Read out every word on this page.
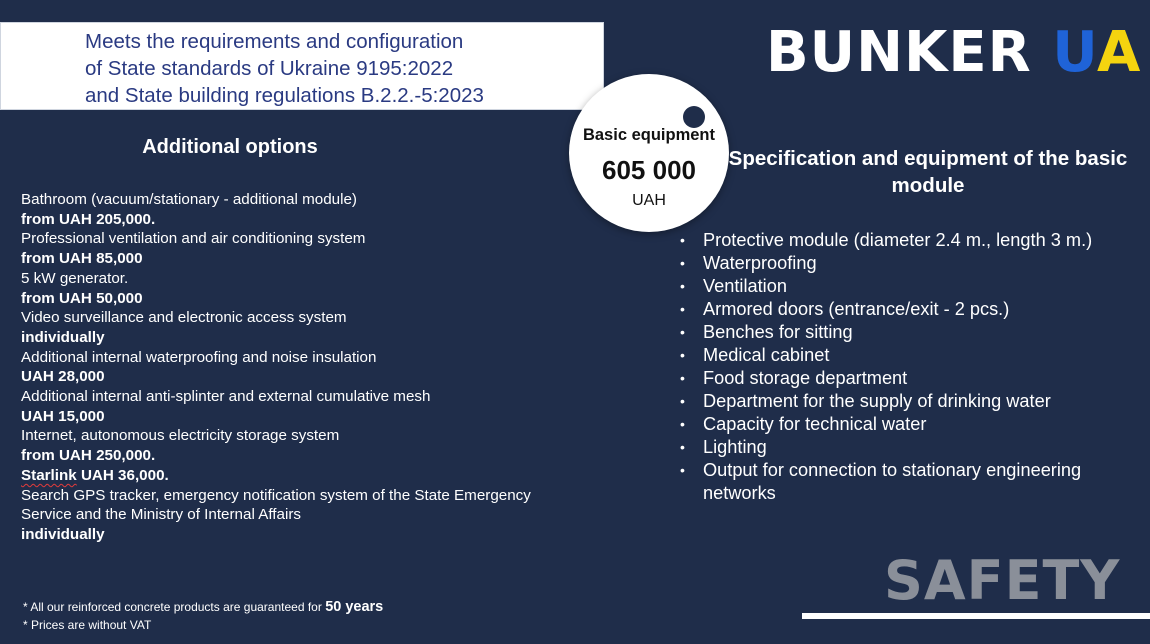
Meets the requirements and configuration
of State standards of Ukraine 9195:2022
and State building regulations B.2.2.-5:2023
BUNKER UA
Basic equipment
605 000
UAH
Additional options
Bathroom (vacuum/stationary - additional module)
from UAH 205,000.
Professional ventilation and air conditioning system
from UAH 85,000
5 kW generator.
from UAH 50,000
Video surveillance and electronic access system
individually
Additional internal waterproofing and noise insulation
UAH 28,000
Additional internal anti-splinter and external cumulative mesh
UAH 15,000
Internet, autonomous electricity storage system
from UAH 250,000.
Starlink UAH 36,000.
Search GPS tracker, emergency notification system of the State Emergency Service and the Ministry of Internal Affairs
individually
* All our reinforced concrete products are guaranteed for 50 years
* Prices are without VAT
Specification and equipment of the basic module
• Protective module (diameter 2.4 m., length 3 m.)
• Waterproofing
• Ventilation
• Armored doors (entrance/exit - 2 pcs.)
• Benches for sitting
• Medical cabinet
• Food storage department
• Department for the supply of drinking water
• Capacity for technical water
• Lighting
• Output for connection to stationary engineering networks
SAFETY
